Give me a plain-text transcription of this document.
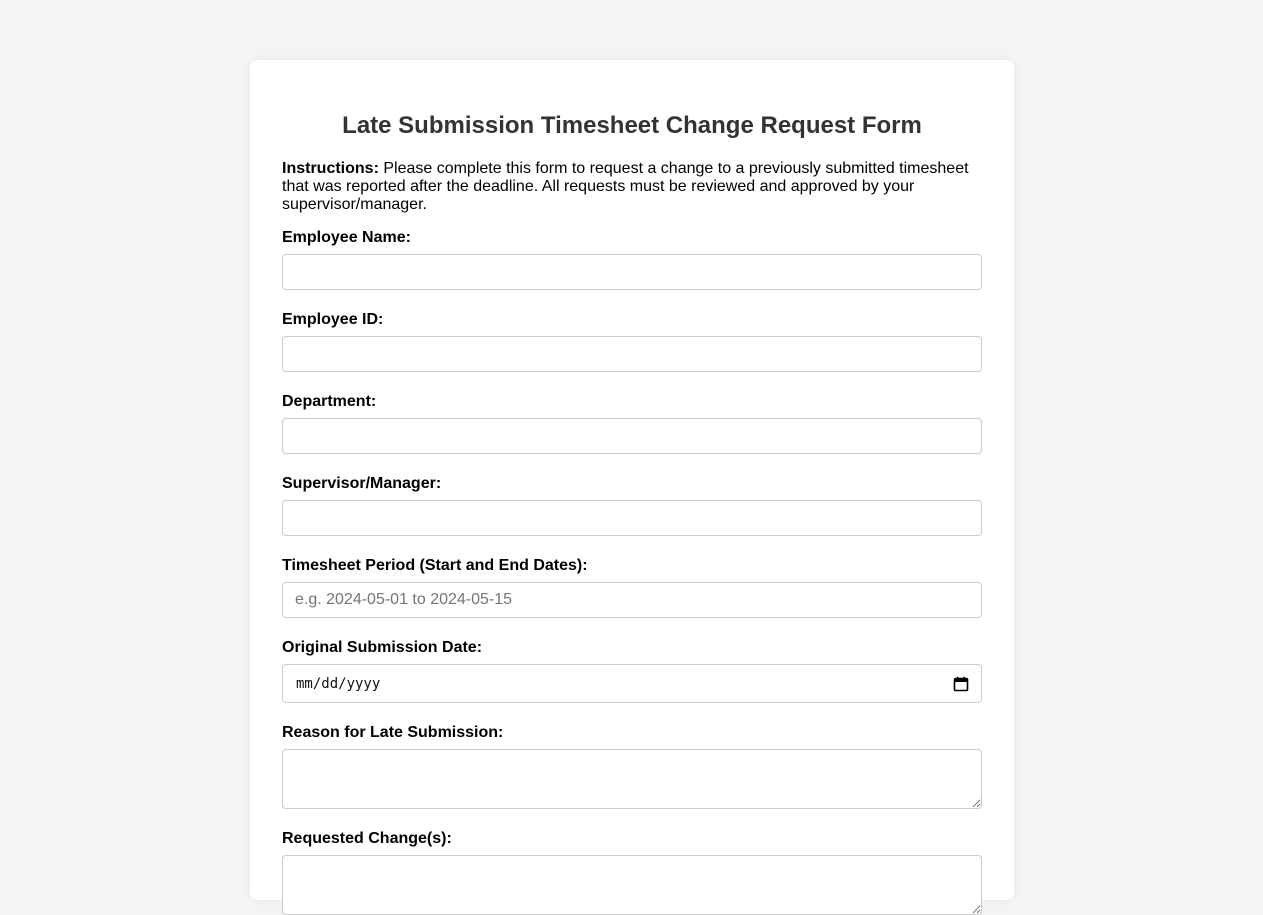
Late Submission Timesheet Change Request Form

Instructions: Please complete this form to request a change to a previously submitted timesheet that was reported after the deadline. All requests must be reviewed and approved by your supervisor/manager.

Employee Name:
Employee ID:
Department:
Supervisor/Manager:
Timesheet Period (Start and End Dates):
e.g. 2024-05-01 to 2024-05-15
Original Submission Date:
mm/dd/yyyy
Reason for Late Submission:
Requested Change(s):
